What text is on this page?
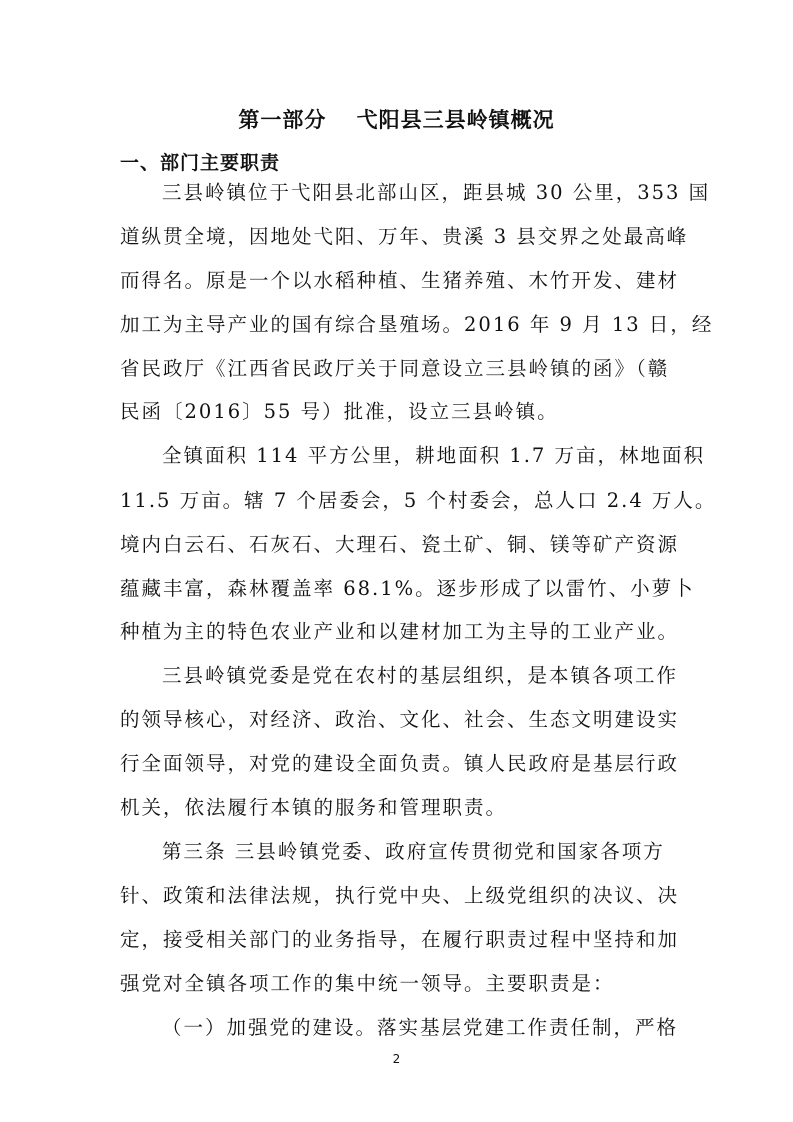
第一部分　 弋阳县三县岭镇概况
一、部门主要职责
三县岭镇位于弋阳县北部山区，距县城 30 公里，353 国
道纵贯全境，因地处弋阳、万年、贵溪 3 县交界之处最高峰
而得名。原是一个以水稻种植、生猪养殖、木竹开发、建材
加工为主导产业的国有综合垦殖场。2016 年 9 月 13 日，经
省民政厅《江西省民政厅关于同意设立三县岭镇的函》（赣
民函〔2016〕55 号）批准，设立三县岭镇。
全镇面积 114 平方公里，耕地面积 1.7 万亩，林地面积
11.5 万亩。辖 7 个居委会，5 个村委会，总人口 2.4 万人。
境内白云石、石灰石、大理石、瓷土矿、铜、镁等矿产资源
蕴藏丰富，森林覆盖率 68.1%。逐步形成了以雷竹、小萝卜
种植为主的特色农业产业和以建材加工为主导的工业产业。
三县岭镇党委是党在农村的基层组织，是本镇各项工作
的领导核心，对经济、政治、文化、社会、生态文明建设实
行全面领导，对党的建设全面负责。镇人民政府是基层行政
机关，依法履行本镇的服务和管理职责。
第三条 三县岭镇党委、政府宣传贯彻党和国家各项方
针、政策和法律法规，执行党中央、上级党组织的决议、决
定，接受相关部门的业务指导，在履行职责过程中坚持和加
强党对全镇各项工作的集中统一领导。主要职责是：
（一）加强党的建设。落实基层党建工作责任制，严格
2
